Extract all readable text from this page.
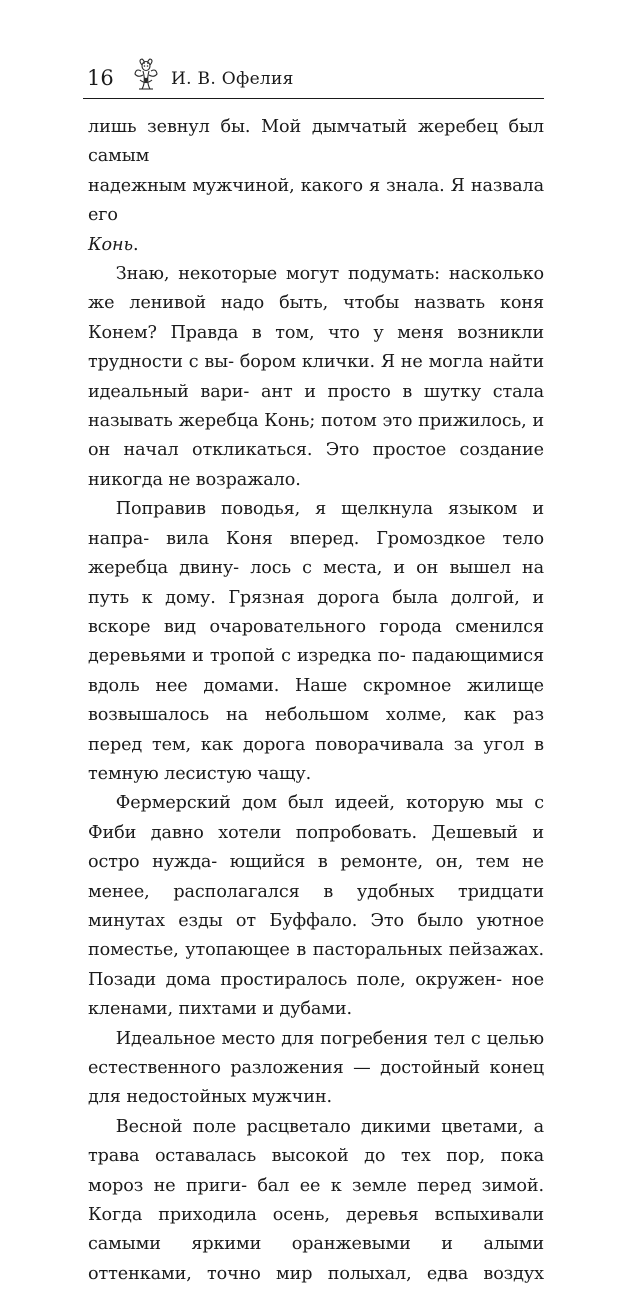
16	И. В. Офелия

лишь зевнул бы. Мой дымчатый жеребец был самым
надежным мужчиной, какого я знала. Я назвала его
Конь.

Знаю, некоторые могут подумать: насколько же ленивой надо быть, чтобы назвать коня Конем? Правда в том, что у меня возникли трудности с вы- бором клички. Я не могла найти идеальный вари- ант и просто в шутку стала называть жеребца Конь; потом это прижилось, и он начал откликаться. Это простое создание никогда не возражало.

Поправив поводья, я щелкнула языком и напра- вила Коня вперед. Громоздкое тело жеребца двину- лось с места, и он вышел на путь к дому. Грязная дорога была долгой, и вскоре вид очаровательного города сменился деревьями и тропой с изредка по- падающимися вдоль нее домами. Наше скромное жилище возвышалось на небольшом холме, как раз перед тем, как дорога поворачивала за угол в темную лесистую чащу.

Фермерский дом был идеей, которую мы с Фиби давно хотели попробовать. Дешевый и остро нужда- ющийся в ремонте, он, тем не менее, располагался в удобных тридцати минутах езды от Буффало. Это было уютное поместье, утопающее в пасторальных пейзажах. Позади дома простиралось поле, окружен- ное кленами, пихтами и дубами.

Идеальное место для погребения тел с целью естественного разложения — достойный конец для недостойных мужчин.

Весной поле расцветало дикими цветами, а трава оставалась высокой до тех пор, пока мороз не приги- бал ее к земле перед зимой. Когда приходила осень, деревья вспыхивали самыми яркими оранжевыми и алыми оттенками, точно мир полыхал, едва воздух
